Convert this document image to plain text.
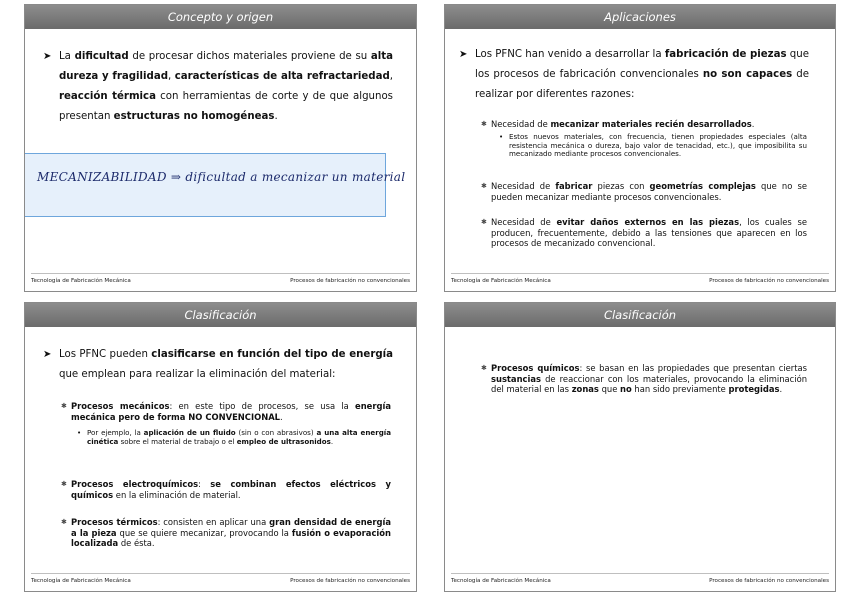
Concepto y origen
➤ La dificultad de procesar dichos materiales proviene de su alta dureza y fragilidad, características de alta refractariedad, reacción térmica con herramientas de corte y de que algunos presentan estructuras no homogéneas.
MECANIZABILIDAD ⇒ dificultad a mecanizar un material
Tecnología de Fabricación Mecánica	Procesos de fabricación no convencionales
Aplicaciones
➤ Los PFNC han venido a desarrollar la fabricación de piezas que los procesos de fabricación convencionales no son capaces de realizar por diferentes razones:
✱ Necesidad de mecanizar materiales recién desarrollados.
• Estos nuevos materiales, con frecuencia, tienen propiedades especiales (alta resistencia mecánica o dureza, bajo valor de tenacidad, etc.), que imposibilita su mecanizado mediante procesos convencionales.
✱ Necesidad de fabricar piezas con geometrías complejas que no se pueden mecanizar mediante procesos convencionales.
✱ Necesidad de evitar daños externos en las piezas, los cuales se producen, frecuentemente, debido a las tensiones que aparecen en los procesos de mecanizado convencional.
Tecnología de Fabricación Mecánica	Procesos de fabricación no convencionales
Clasificación
➤ Los PFNC pueden clasificarse en función del tipo de energía que emplean para realizar la eliminación del material:
✱ Procesos mecánicos: en este tipo de procesos, se usa la energía mecánica pero de forma NO CONVENCIONAL.
• Por ejemplo, la aplicación de un fluido (sin o con abrasivos) a una alta energía cinética sobre el material de trabajo o el empleo de ultrasonidos.
✱ Procesos electroquímicos: se combinan efectos eléctricos y químicos en la eliminación de material.
✱ Procesos térmicos: consisten en aplicar una gran densidad de energía a la pieza que se quiere mecanizar, provocando la fusión o evaporación localizada de ésta.
Tecnología de Fabricación Mecánica	Procesos de fabricación no convencionales
Clasificación
✱ Procesos químicos: se basan en las propiedades que presentan ciertas sustancias de reaccionar con los materiales, provocando la eliminación del material en las zonas que no han sido previamente protegidas.
Tecnología de Fabricación Mecánica	Procesos de fabricación no convencionales
